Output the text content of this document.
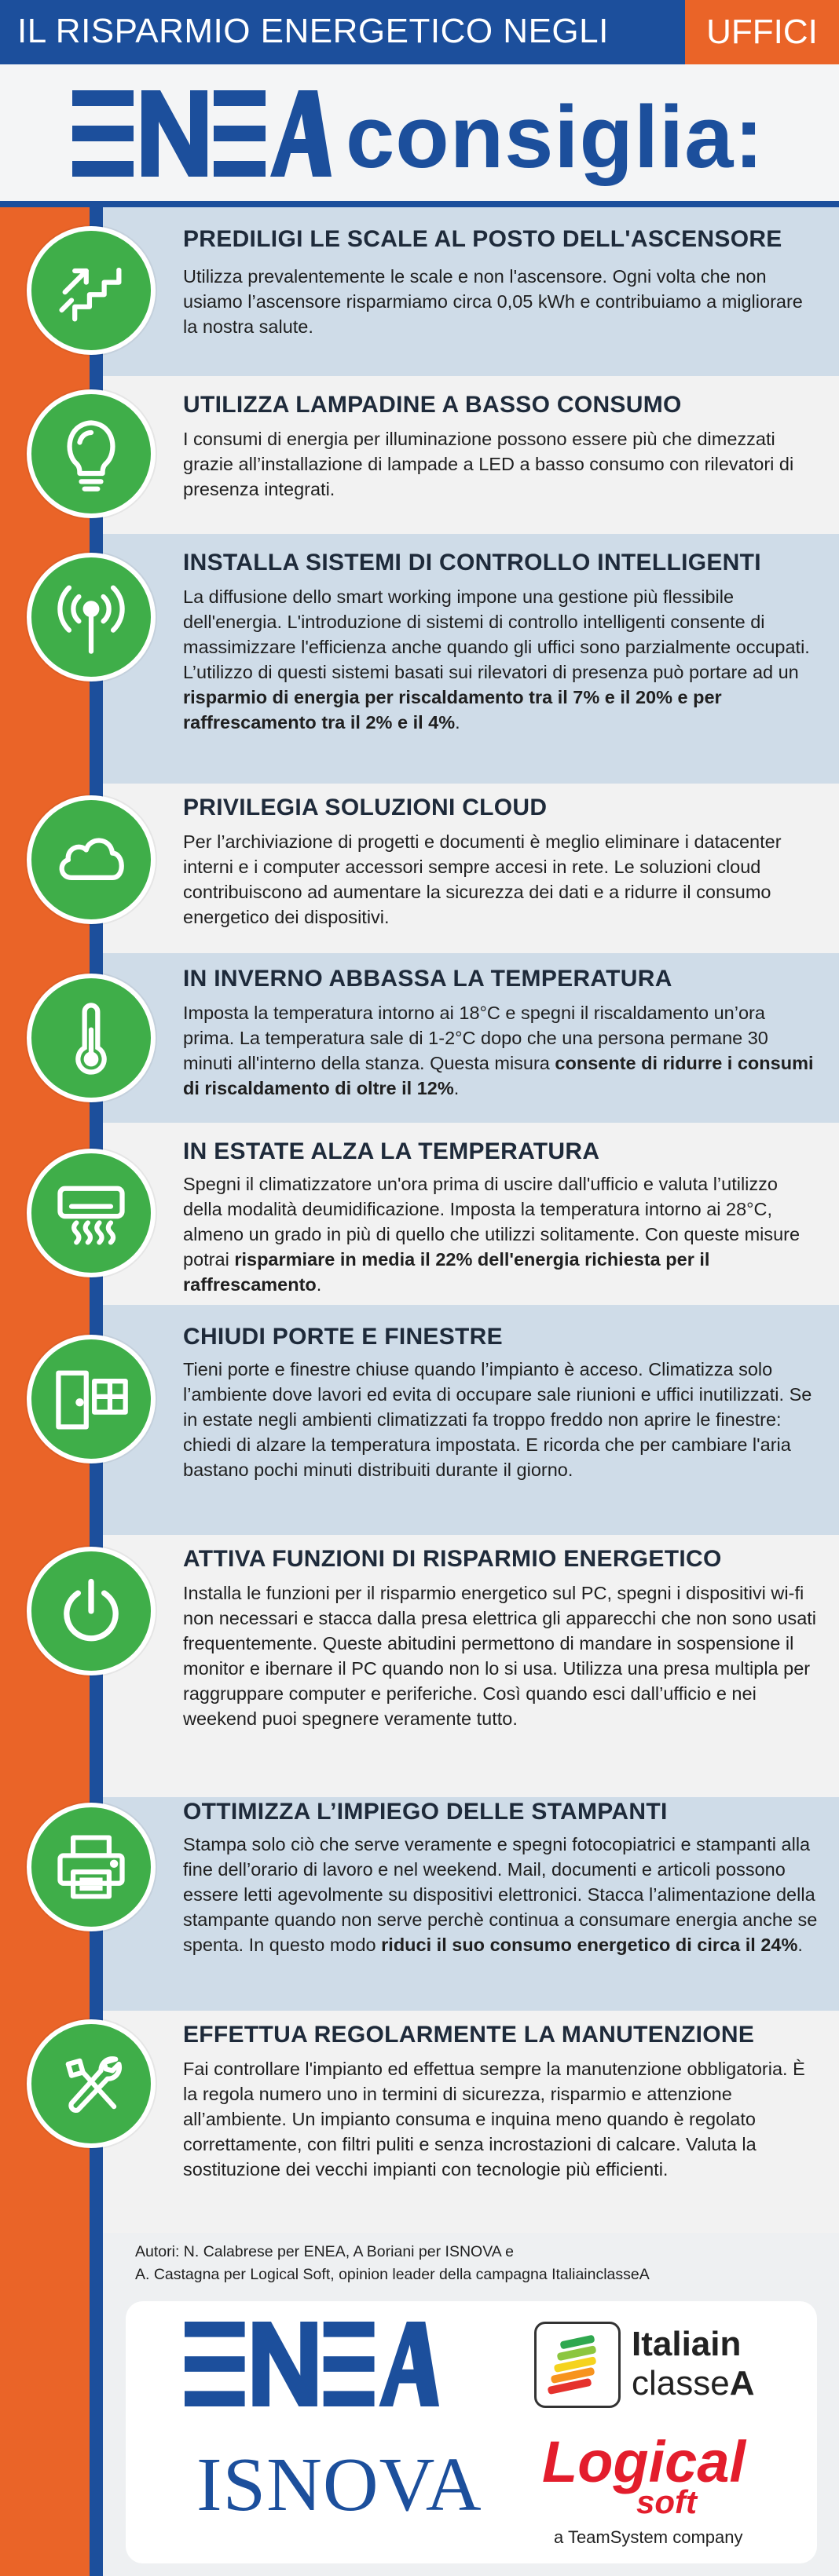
IL RISPARMIO ENERGETICO NEGLI	UFFICI
consiglia:
PREDILIGI LE SCALE AL POSTO DELL'ASCENSORE
Utilizza prevalentemente le scale e non l'ascensore. Ogni volta che non usiamo l’ascensore risparmiamo circa 0,05 kWh e contribuiamo a migliorare la nostra salute.
UTILIZZA LAMPADINE A BASSO CONSUMO
I consumi di energia per illuminazione possono essere più che dimezzati grazie all’installazione di lampade a LED a basso consumo con rilevatori di presenza integrati.
INSTALLA SISTEMI DI CONTROLLO INTELLIGENTI
La diffusione dello smart working impone una gestione più flessibile dell'energia. L'introduzione di sistemi di controllo intelligenti consente di massimizzare l'efficienza anche quando gli uffici sono parzialmente occupati. L’utilizzo di questi sistemi basati sui rilevatori di presenza può portare ad un risparmio di energia per riscaldamento tra il 7% e il 20% e per raffrescamento tra il 2% e il 4%.
PRIVILEGIA SOLUZIONI CLOUD
Per l’archiviazione di progetti e documenti è meglio eliminare i datacenter interni e i computer accessori sempre accesi in rete. Le soluzioni cloud contribuiscono ad aumentare la sicurezza dei dati e a ridurre il consumo energetico dei dispositivi.
IN INVERNO ABBASSA LA TEMPERATURA
Imposta la temperatura intorno ai 18°C e spegni il riscaldamento un’ora prima. La temperatura sale di 1-2°C dopo che una persona permane 30 minuti all'interno della stanza. Questa misura consente di ridurre i consumi di riscaldamento di oltre il 12%.
IN ESTATE ALZA LA TEMPERATURA
Spegni il climatizzatore un'ora prima di uscire dall'ufficio e valuta l’utilizzo della modalità deumidificazione. Imposta la temperatura intorno ai 28°C, almeno un grado in più di quello che utilizzi solitamente. Con queste misure potrai risparmiare in media il 22% dell'energia richiesta per il raffrescamento.
CHIUDI PORTE E FINESTRE
Tieni porte e finestre chiuse quando l’impianto è acceso. Climatizza solo l’ambiente dove lavori ed evita di occupare sale riunioni e uffici inutilizzati. Se in estate negli ambienti climatizzati fa troppo freddo non aprire le finestre: chiedi di alzare la temperatura impostata. E ricorda che per cambiare l'aria bastano pochi minuti distribuiti durante il giorno.
ATTIVA FUNZIONI DI RISPARMIO ENERGETICO
Installa le funzioni per il risparmio energetico sul PC, spegni i dispositivi wi-fi non necessari e stacca dalla presa elettrica gli apparecchi che non sono usati frequentemente. Queste abitudini permettono di mandare in sospensione il monitor e ibernare il PC quando non lo si usa. Utilizza una presa multipla per raggruppare computer e periferiche. Così quando esci dall’ufficio e nei weekend puoi spegnere veramente tutto.
OTTIMIZZA L’IMPIEGO DELLE STAMPANTI
Stampa solo ciò che serve veramente e spegni fotocopiatrici e stampanti alla fine dell’orario di lavoro e nel weekend. Mail, documenti e articoli possono essere letti agevolmente su dispositivi elettronici. Stacca l’alimentazione della stampante quando non serve perchè continua a consumare energia anche se spenta. In questo modo riduci il suo consumo energetico di circa il 24%.
EFFETTUA REGOLARMENTE LA MANUTENZIONE
Fai controllare l'impianto ed effettua sempre la manutenzione obbligatoria. È la regola numero uno in termini di sicurezza, risparmio e attenzione all’ambiente. Un impianto consuma e inquina meno quando è regolato correttamente, con filtri puliti e senza incrostazioni di calcare. Valuta la sostituzione dei vecchi impianti con tecnologie più efficienti.
Autori: N. Calabrese per ENEA, A Boriani per ISNOVA e
A. Castagna per Logical Soft, opinion leader della campagna ItaliainclasseA
ISNOVA
Italiain
classeA
Logical
soft
a TeamSystem company
